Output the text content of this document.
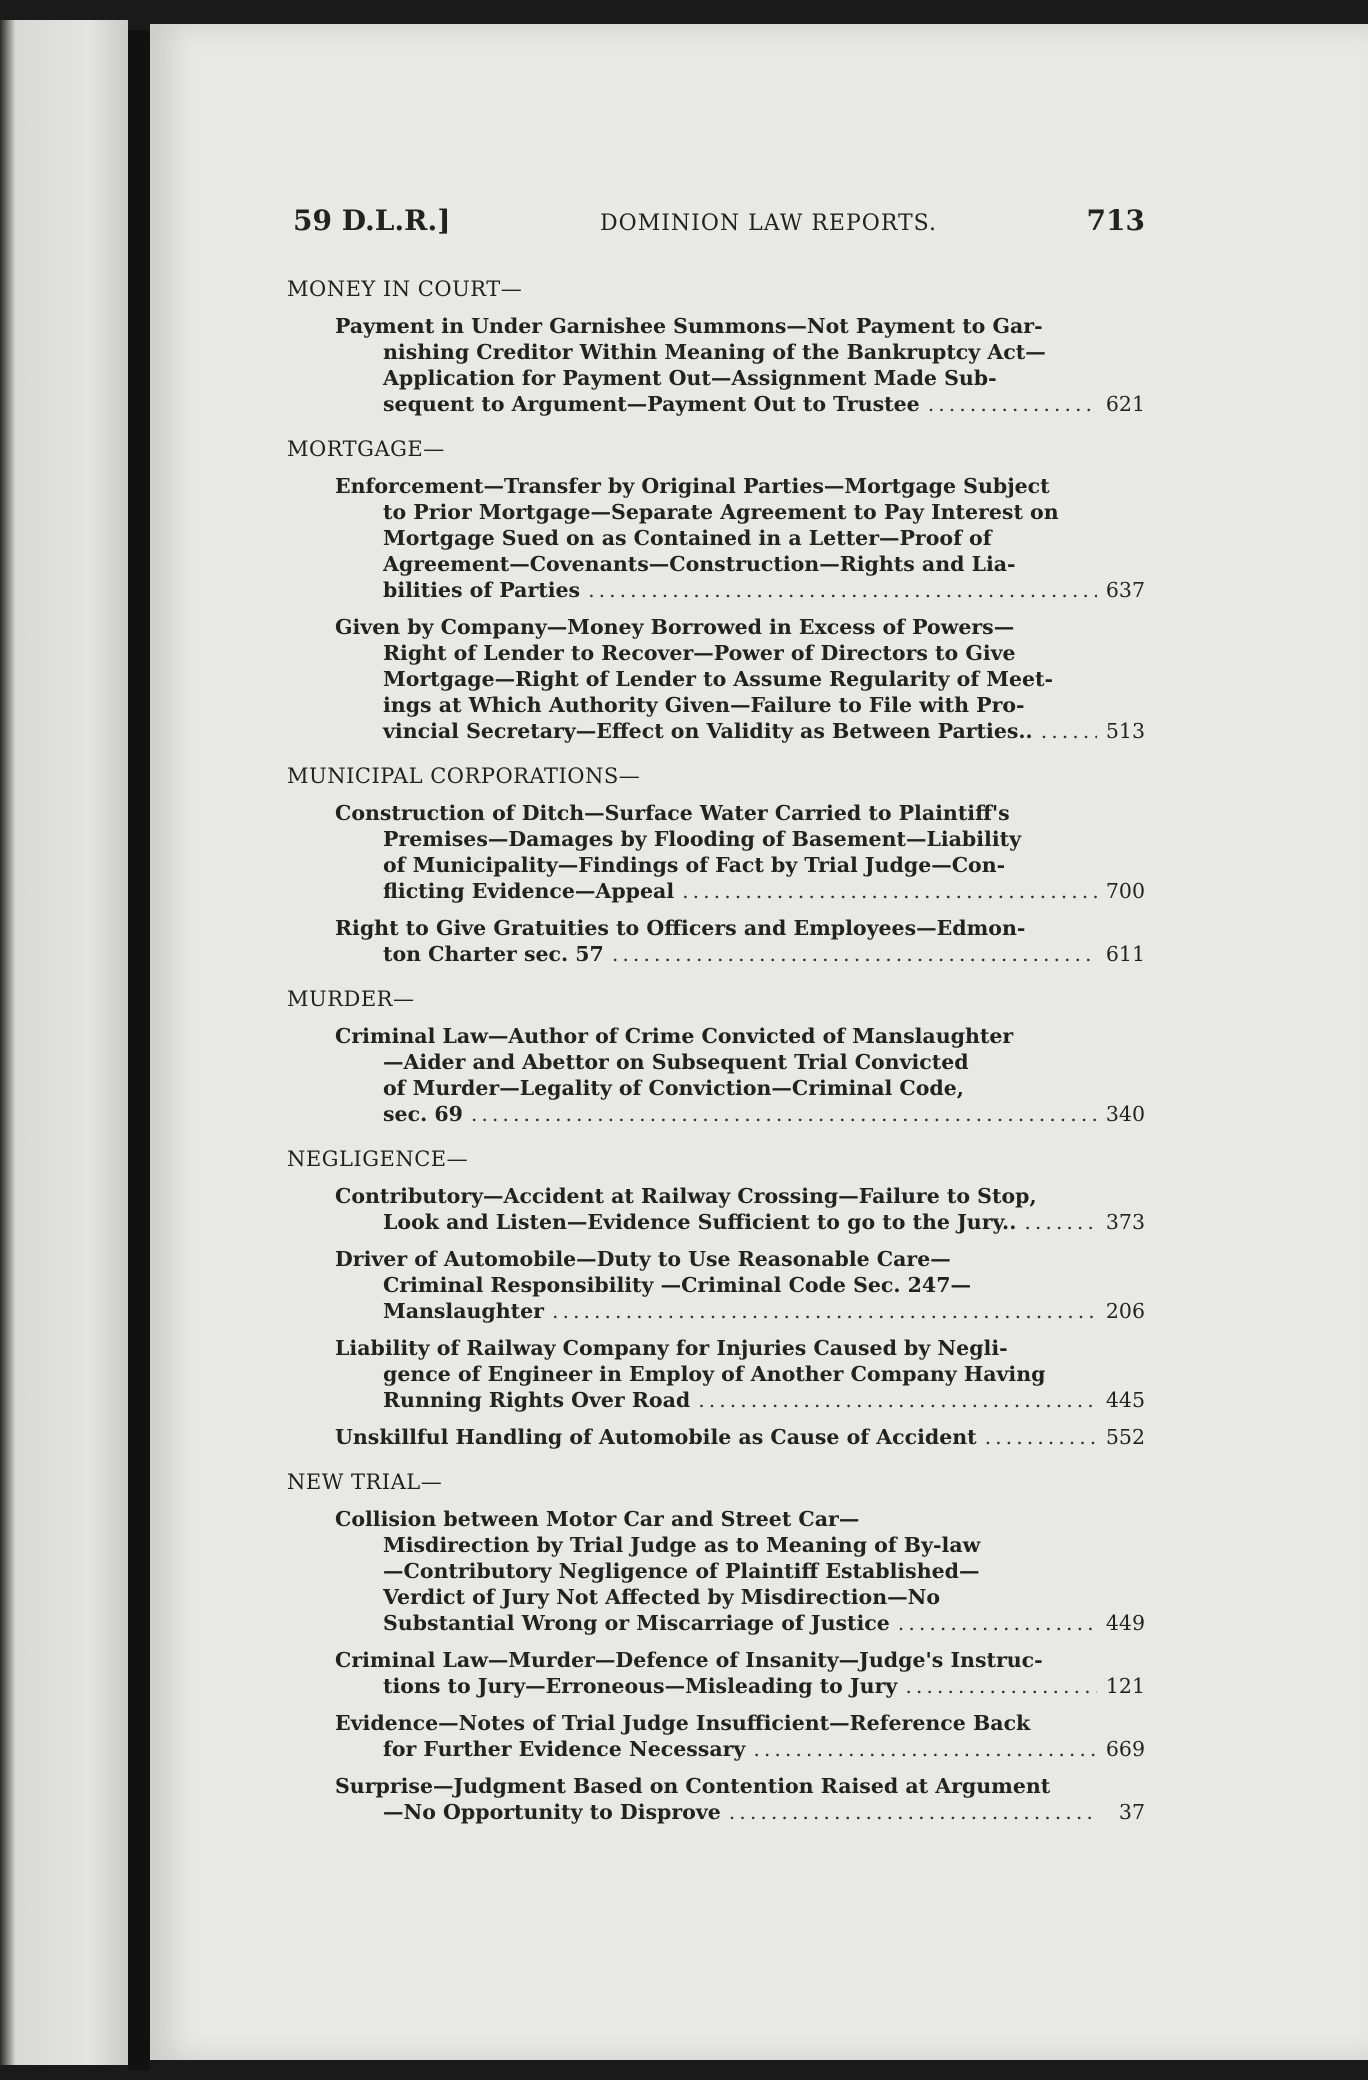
59 D.L.R.]	DOMINION LAW REPORTS.	713
MONEY IN COURT—
Payment in Under Garnishee Summons—Not Payment to Gar-
nishing Creditor Within Meaning of the Bankruptcy Act—
Application for Payment Out—Assignment Made Sub-
sequent to Argument—Payment Out to Trustee .....	621
MORTGAGE—
Enforcement—Transfer by Original Parties—Mortgage Subject
to Prior Mortgage—Separate Agreement to Pay Interest on
Mortgage Sued on as Contained in a Letter—Proof of
Agreement—Covenants—Construction—Rights and Lia-
bilities of Parties .....	637
Given by Company—Money Borrowed in Excess of Powers—
Right of Lender to Recover—Power of Directors to Give
Mortgage—Right of Lender to Assume Regularity of Meet-
ings at Which Authority Given—Failure to File with Pro-
vincial Secretary—Effect on Validity as Between Parties.. .....	513
MUNICIPAL CORPORATIONS—
Construction of Ditch—Surface Water Carried to Plaintiff's
Premises—Damages by Flooding of Basement—Liability
of Municipality—Findings of Fact by Trial Judge—Con-
flicting Evidence—Appeal .....	700
Right to Give Gratuities to Officers and Employees—Edmon-
ton Charter sec. 57 .....	611
MURDER—
Criminal Law—Author of Crime Convicted of Manslaughter
—Aider and Abettor on Subsequent Trial Convicted
of Murder—Legality of Conviction—Criminal Code,
sec. 69 .....	340
NEGLIGENCE—
Contributory—Accident at Railway Crossing—Failure to Stop,
Look and Listen—Evidence Sufficient to go to the Jury.. .....	373
Driver of Automobile—Duty to Use Reasonable Care—
Criminal Responsibility —Criminal Code Sec. 247—
Manslaughter .....	206
Liability of Railway Company for Injuries Caused by Negli-
gence of Engineer in Employ of Another Company Having
Running Rights Over Road .....	445
Unskillful Handling of Automobile as Cause of Accident .....	552
NEW TRIAL—
Collision between Motor Car and Street Car—
Misdirection by Trial Judge as to Meaning of By-law
—Contributory Negligence of Plaintiff Established—
Verdict of Jury Not Affected by Misdirection—No
Substantial Wrong or Miscarriage of Justice .....	449
Criminal Law—Murder—Defence of Insanity—Judge's Instruc-
tions to Jury—Erroneous—Misleading to Jury .....	121
Evidence—Notes of Trial Judge Insufficient—Reference Back
for Further Evidence Necessary .....	669
Surprise—Judgment Based on Contention Raised at Argument
—No Opportunity to Disprove .....	37
